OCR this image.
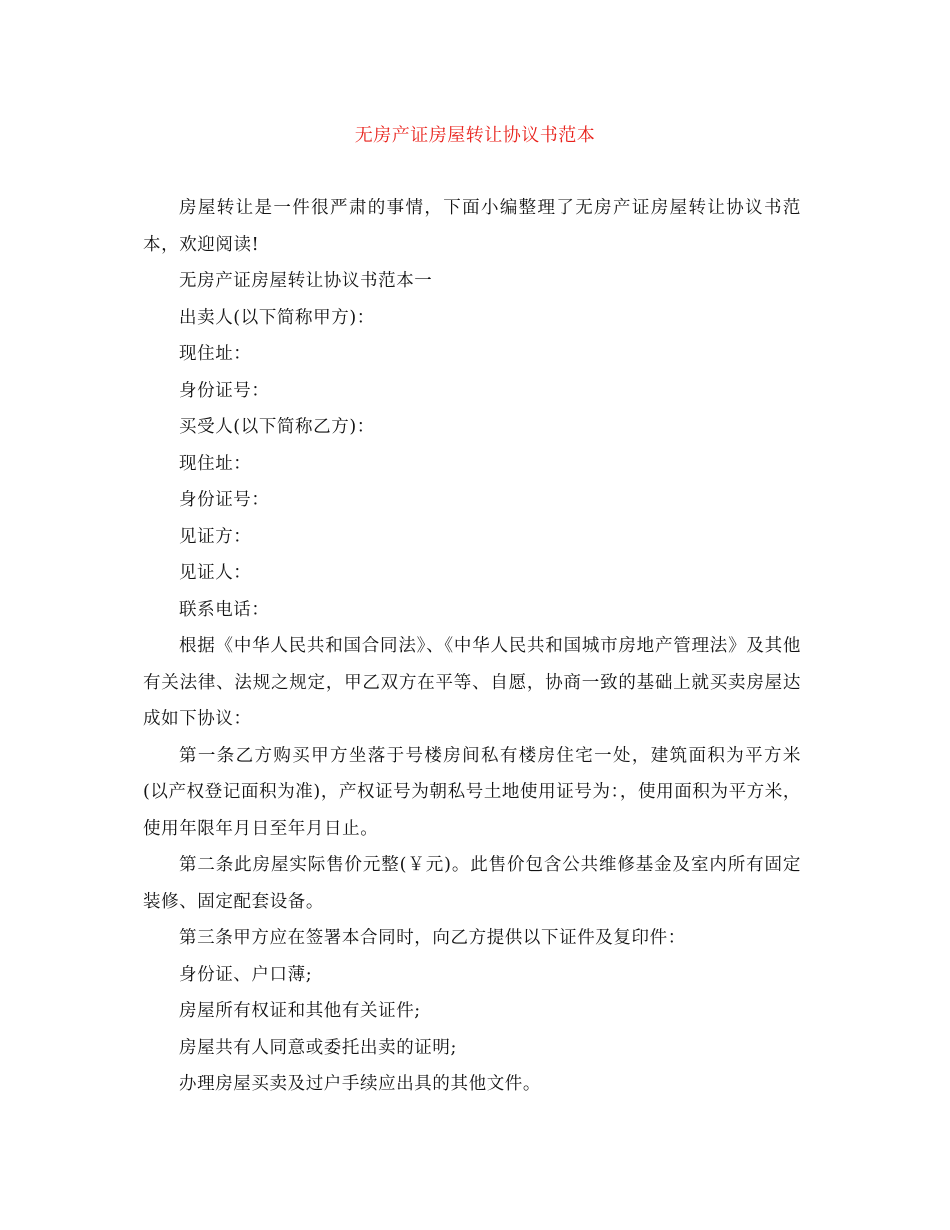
无房产证房屋转让协议书范本

房屋转让是一件很严肃的事情，下面小编整理了无房产证房屋转让协议书范本，欢迎阅读!

无房产证房屋转让协议书范本一

出卖人(以下简称甲方)：

现住址：

身份证号：

买受人(以下简称乙方)：

现住址：

身份证号：

见证方：

见证人：

联系电话：

根据《中华人民共和国合同法》、《中华人民共和国城市房地产管理法》及其他有关法律、法规之规定，甲乙双方在平等、自愿，协商一致的基础上就买卖房屋达成如下协议：

第一条乙方购买甲方坐落于号楼房间私有楼房住宅一处，建筑面积为平方米(以产权登记面积为准)，产权证号为朝私号土地使用证号为：，使用面积为平方米，使用年限年月日至年月日止。

第二条此房屋实际售价元整(￥元)。此售价包含公共维修基金及室内所有固定装修、固定配套设备。

第三条甲方应在签署本合同时，向乙方提供以下证件及复印件：

身份证、户口薄;

房屋所有权证和其他有关证件;

房屋共有人同意或委托出卖的证明;

办理房屋买卖及过户手续应出具的其他文件。
